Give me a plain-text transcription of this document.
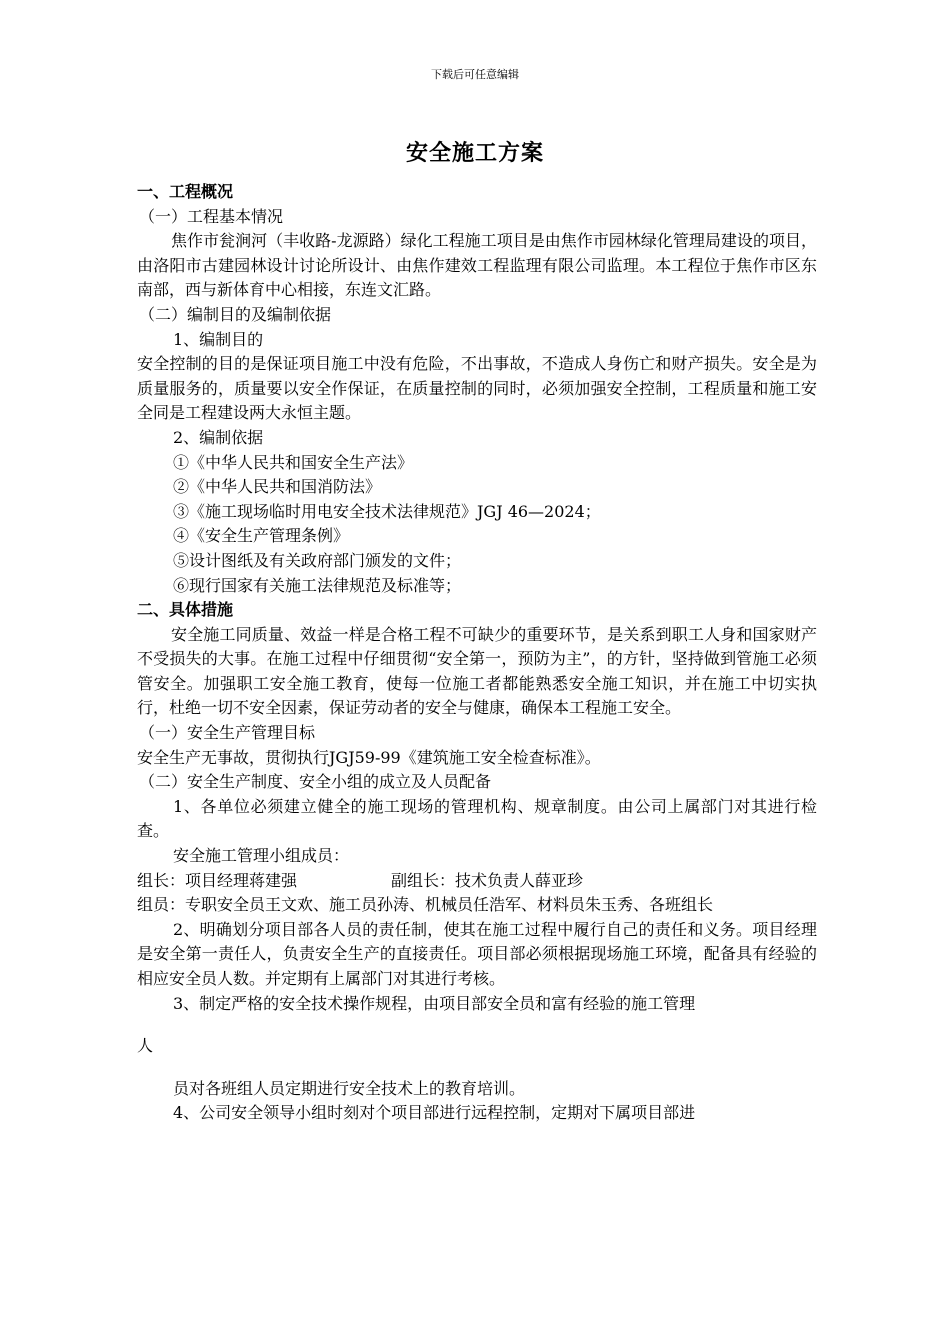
下载后可任意编辑
安全施工方案

一、工程概况

（一）工程基本情况

焦作市瓮涧河（丰收路-龙源路）绿化工程施工项目是由焦作市园林绿化管理局建设的项目，由洛阳市古建园林设计讨论所设计、由焦作建效工程监理有限公司监理。本工程位于焦作市区东南部，西与新体育中心相接，东连文汇路。

（二）编制目的及编制依据

1、编制目的

安全控制的目的是保证项目施工中没有危险，不出事故，不造成人身伤亡和财产损失。安全是为质量服务的，质量要以安全作保证，在质量控制的同时，必须加强安全控制，工程质量和施工安全同是工程建设两大永恒主题。

2、编制依据

①《中华人民共和国安全生产法》

②《中华人民共和国消防法》

③《施工现场临时用电安全技术法律规范》JGJ 46—2024；

④《安全生产管理条例》

⑤设计图纸及有关政府部门颁发的文件；

⑥现行国家有关施工法律规范及标准等；

二、具体措施

安全施工同质量、效益一样是合格工程不可缺少的重要环节，是关系到职工人身和国家财产不受损失的大事。在施工过程中仔细贯彻“安全第一，预防为主”，的方针，坚持做到管施工必须管安全。加强职工安全施工教育，使每一位施工者都能熟悉安全施工知识，并在施工中切实执行，杜绝一切不安全因素，保证劳动者的安全与健康，确保本工程施工安全。

（一）安全生产管理目标

安全生产无事故，贯彻执行JGJ59-99《建筑施工安全检查标准》。

（二）安全生产制度、安全小组的成立及人员配备

1、各单位必须建立健全的施工现场的管理机构、规章制度。由公司上属部门对其进行检查。

安全施工管理小组成员：

组长：项目经理蒋建强	副组长：技术负责人薛亚珍

组员：专职安全员王文欢、施工员孙涛、机械员任浩军、材料员朱玉秀、各班组长

2、明确划分项目部各人员的责任制，使其在施工过程中履行自己的责任和义务。项目经理是安全第一责任人，负责安全生产的直接责任。项目部必须根据现场施工环境，配备具有经验的相应安全员人数。并定期有上属部门对其进行考核。

3、制定严格的安全技术操作规程，由项目部安全员和富有经验的施工管理

人

员对各班组人员定期进行安全技术上的教育培训。

4、公司安全领导小组时刻对个项目部进行远程控制，定期对下属项目部进
